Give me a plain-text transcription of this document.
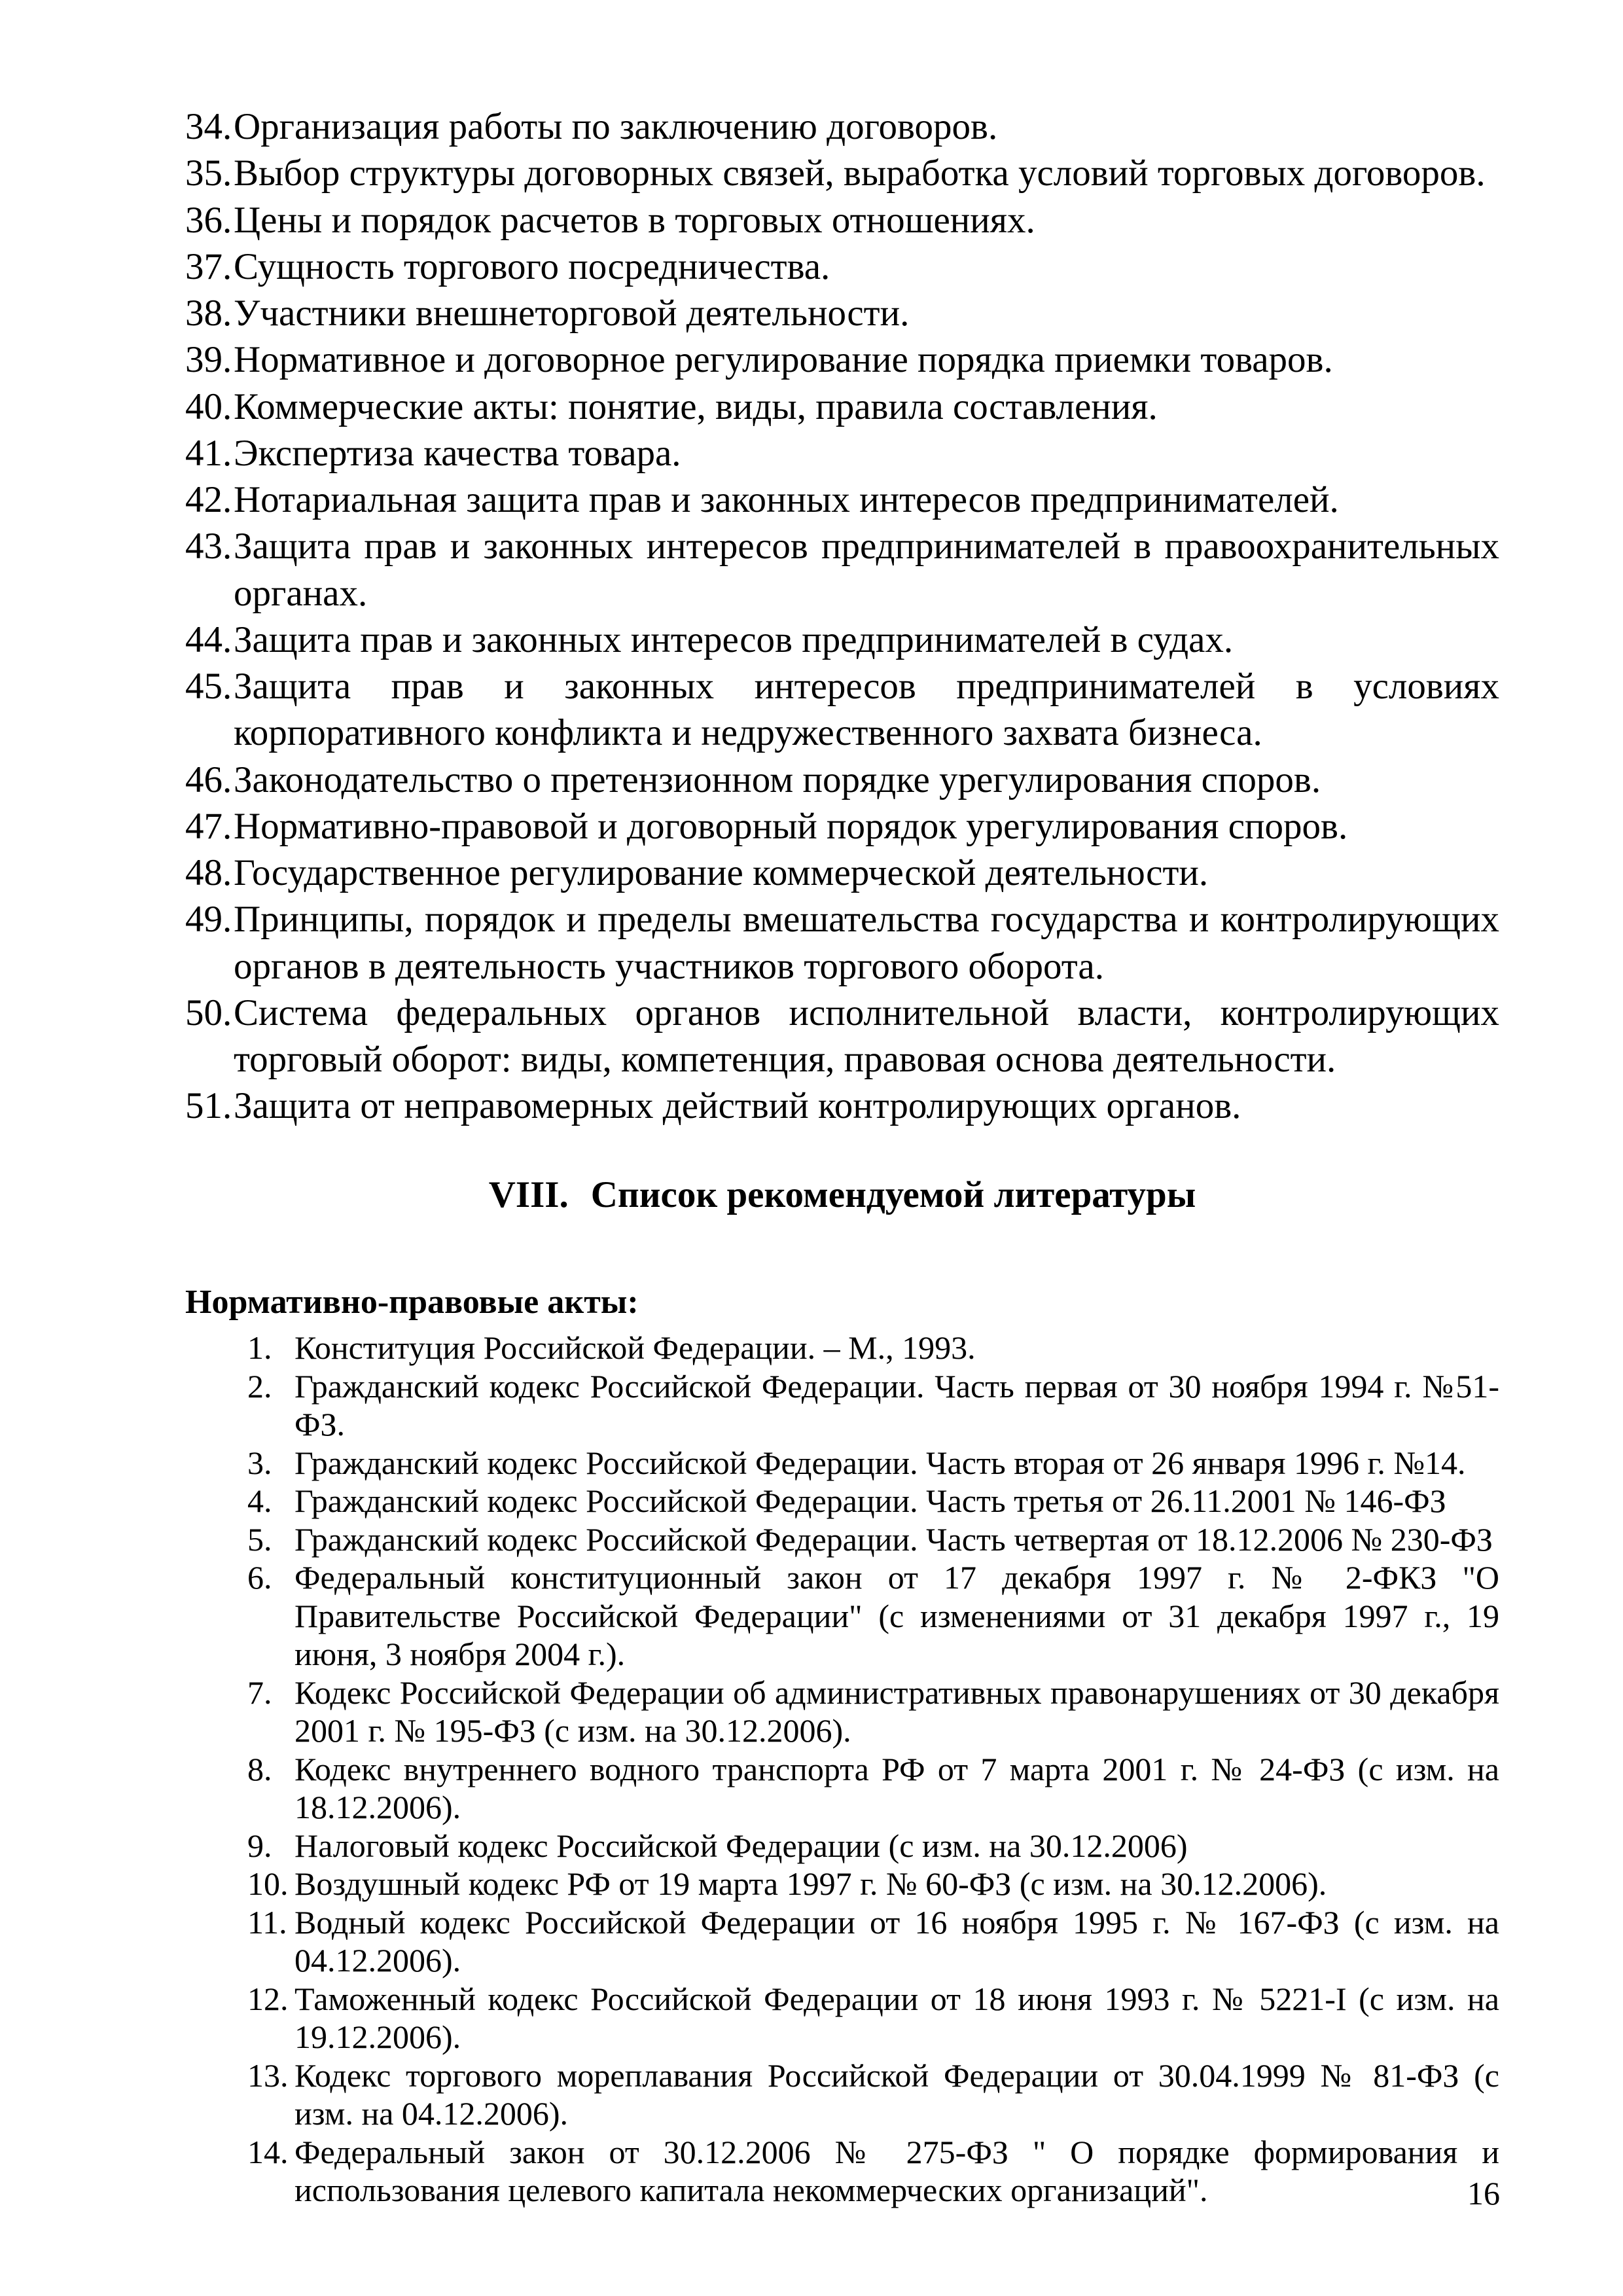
34. Организация работы по заключению договоров.
35. Выбор структуры договорных связей, выработка условий торговых договоров.
36. Цены и порядок расчетов в торговых отношениях.
37. Сущность торгового посредничества.
38. Участники внешнеторговой деятельности.
39. Нормативное и договорное регулирование порядка приемки товаров.
40. Коммерческие акты: понятие, виды, правила составления.
41. Экспертиза качества товара.
42. Нотариальная защита прав и законных интересов предпринимателей.
43. Защита прав и законных интересов предпринимателей в правоохранительных органах.
44. Защита прав и законных интересов предпринимателей в судах.
45. Защита прав и законных интересов предпринимателей в условиях корпоративного конфликта и недружественного захвата бизнеса.
46. Законодательство о претензионном порядке урегулирования споров.
47. Нормативно-правовой и договорный порядок урегулирования споров.
48. Государственное регулирование коммерческой деятельности.
49. Принципы, порядок и пределы вмешательства государства и контролирующих органов в деятельность участников торгового оборота.
50. Система федеральных органов исполнительной власти, контролирующих торговый оборот: виды, компетенция, правовая основа деятельности.
51. Защита от неправомерных действий контролирующих органов.
VIII. Список рекомендуемой литературы
Нормативно-правовые акты:
1. Конституция Российской Федерации. – М., 1993.
2. Гражданский кодекс Российской Федерации. Часть первая от 30 ноября 1994 г. №51-ФЗ.
3. Гражданский кодекс Российской Федерации. Часть вторая от 26 января 1996 г. №14.
4. Гражданский кодекс Российской Федерации. Часть третья от 26.11.2001 № 146-ФЗ
5. Гражданский кодекс Российской Федерации. Часть четвертая от 18.12.2006 № 230-ФЗ
6. Федеральный конституционный закон от 17 декабря 1997 г. № 2-ФКЗ "О Правительстве Российской Федерации" (с изменениями от 31 декабря 1997 г., 19 июня, 3 ноября 2004 г.).
7. Кодекс Российской Федерации об административных правонарушениях от 30 декабря 2001 г. № 195-ФЗ (с изм. на 30.12.2006).
8. Кодекс внутреннего водного транспорта РФ от 7 марта 2001 г. № 24-ФЗ (с изм. на 18.12.2006).
9. Налоговый кодекс Российской Федерации (с изм. на 30.12.2006)
10. Воздушный кодекс РФ от 19 марта 1997 г. № 60-ФЗ (с изм. на 30.12.2006).
11. Водный кодекс Российской Федерации от 16 ноября 1995 г. № 167-ФЗ (с изм. на 04.12.2006).
12. Таможенный кодекс Российской Федерации от 18 июня 1993 г. № 5221-I (с изм. на 19.12.2006).
13. Кодекс торгового мореплавания Российской Федерации от 30.04.1999 № 81-ФЗ (с изм. на 04.12.2006).
14. Федеральный закон от 30.12.2006 № 275-ФЗ " О порядке формирования и использования целевого капитала некоммерческих организаций".	16
